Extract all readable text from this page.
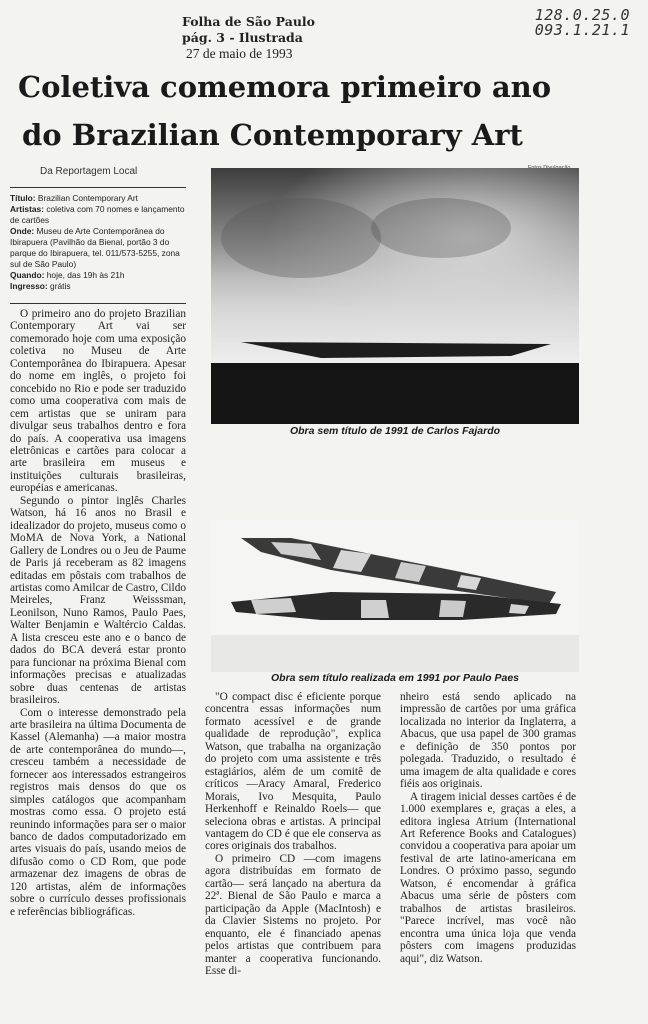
Folha de São Paulo
pág. 3 - Ilustrada
27 de maio de 1993
128.0.25.0
093.1.21.1
Coletiva comemora primeiro ano
do Brazilian Contemporary Art
Da Reportagem Local

Título: Brazilian Contemporary Art

Artistas: coletiva com 70 nomes e lançamento de cartões

Onde: Museu de Arte Contemporânea do Ibirapuera (Pavilhão da Bienal, portão 3 do parque do Ibirapuera, tel. 011/573-5255, zona sul de São Paulo)

Quando: hoje, das 19h às 21h

Ingresso: grátis

O primeiro ano do projeto Brazilian Contemporary Art vai ser comemorado hoje com uma exposição coletiva no Museu de Arte Contemporânea do Ibirapuera. Apesar do nome em inglês, o projeto foi concebido no Rio e pode ser traduzido como uma cooperativa com mais de cem artistas que se uniram para divulgar seus trabalhos dentro e fora do país. A cooperativa usa imagens eletrônicas e cartões para colocar a arte brasileira em museus e instituições culturais brasileiras, européias e americanas.

Segundo o pintor inglês Charles Watson, há 16 anos no Brasil e idealizador do projeto, museus como o MoMA de Nova York, a National Gallery de Londres ou o Jeu de Paume de Paris já receberam as 82 imagens editadas em pôstais com trabalhos de artistas como Amilcar de Castro, Cildo Meireles, Franz Weisssman, Leonilson, Nuno Ramos, Paulo Paes, Walter Benjamin e Waltércio Caldas. A lista cresceu este ano e o banco de dados do BCA deverá estar pronto para funcionar na próxima Bienal com informações precisas e atualizadas sobre duas centenas de artistas brasileiros.

Com o interesse demonstrado pela arte brasileira na última Documenta de Kassel (Alemanha) —a maior mostra de arte contemporânea do mundo—, cresceu também a necessidade de fornecer aos interessados estrangeiros registros mais densos do que os simples catálogos que acompanham mostras como essa. O projeto está reunindo informações para ser o maior banco de dados computadorizado em artes visuais do país, usando meios de difusão como o CD Rom, que pode armazenar dez imagens de obras de 120 artistas, além de informações sobre o currículo desses profissionais e referências bibliográficas.

Obra sem título de 1991 de Carlos Fajardo
Obra sem título realizada em 1991 por Paulo Paes

"O compact disc é eficiente porque concentra essas informações num formato acessível e de grande qualidade de reprodução", explica Watson, que trabalha na organização do projeto com uma assistente e três estagiários, além de um comitê de críticos —Aracy Amaral, Frederico Morais, Ivo Mesquita, Paulo Herkenhoff e Reinaldo Roels— que seleciona obras e artistas. A principal vantagem do CD é que ele conserva as cores originais dos trabalhos.

O primeiro CD —com imagens agora distribuídas em formato de cartão— será lançado na abertura da 22ª. Bienal de São Paulo e marca a participação da Apple (MacIntosh) e da Clavier Sistems no projeto. Por enquanto, ele é financiado apenas pelos artistas que contribuem para manter a cooperativa funcionando. Esse di-

nheiro está sendo aplicado na impressão de cartões por uma gráfica localizada no interior da Inglaterra, a Abacus, que usa papel de 300 gramas e definição de 350 pontos por polegada. Traduzido, o resultado é uma imagem de alta qualidade e cores fiéis aos originais.

A tiragem inicial desses cartões é de 1.000 exemplares e, graças a eles, a editora inglesa Atrium (International Art Reference Books and Catalogues) convidou a cooperativa para apoiar um festival de arte latino-americana em Londres. O próximo passo, segundo Watson, é encomendar à gráfica Abacus uma série de pôsters com trabalhos de artistas brasileiros. "Parece incrível, mas você não encontra uma única loja que venda pôsters com imagens produzidas aqui", diz Watson.
